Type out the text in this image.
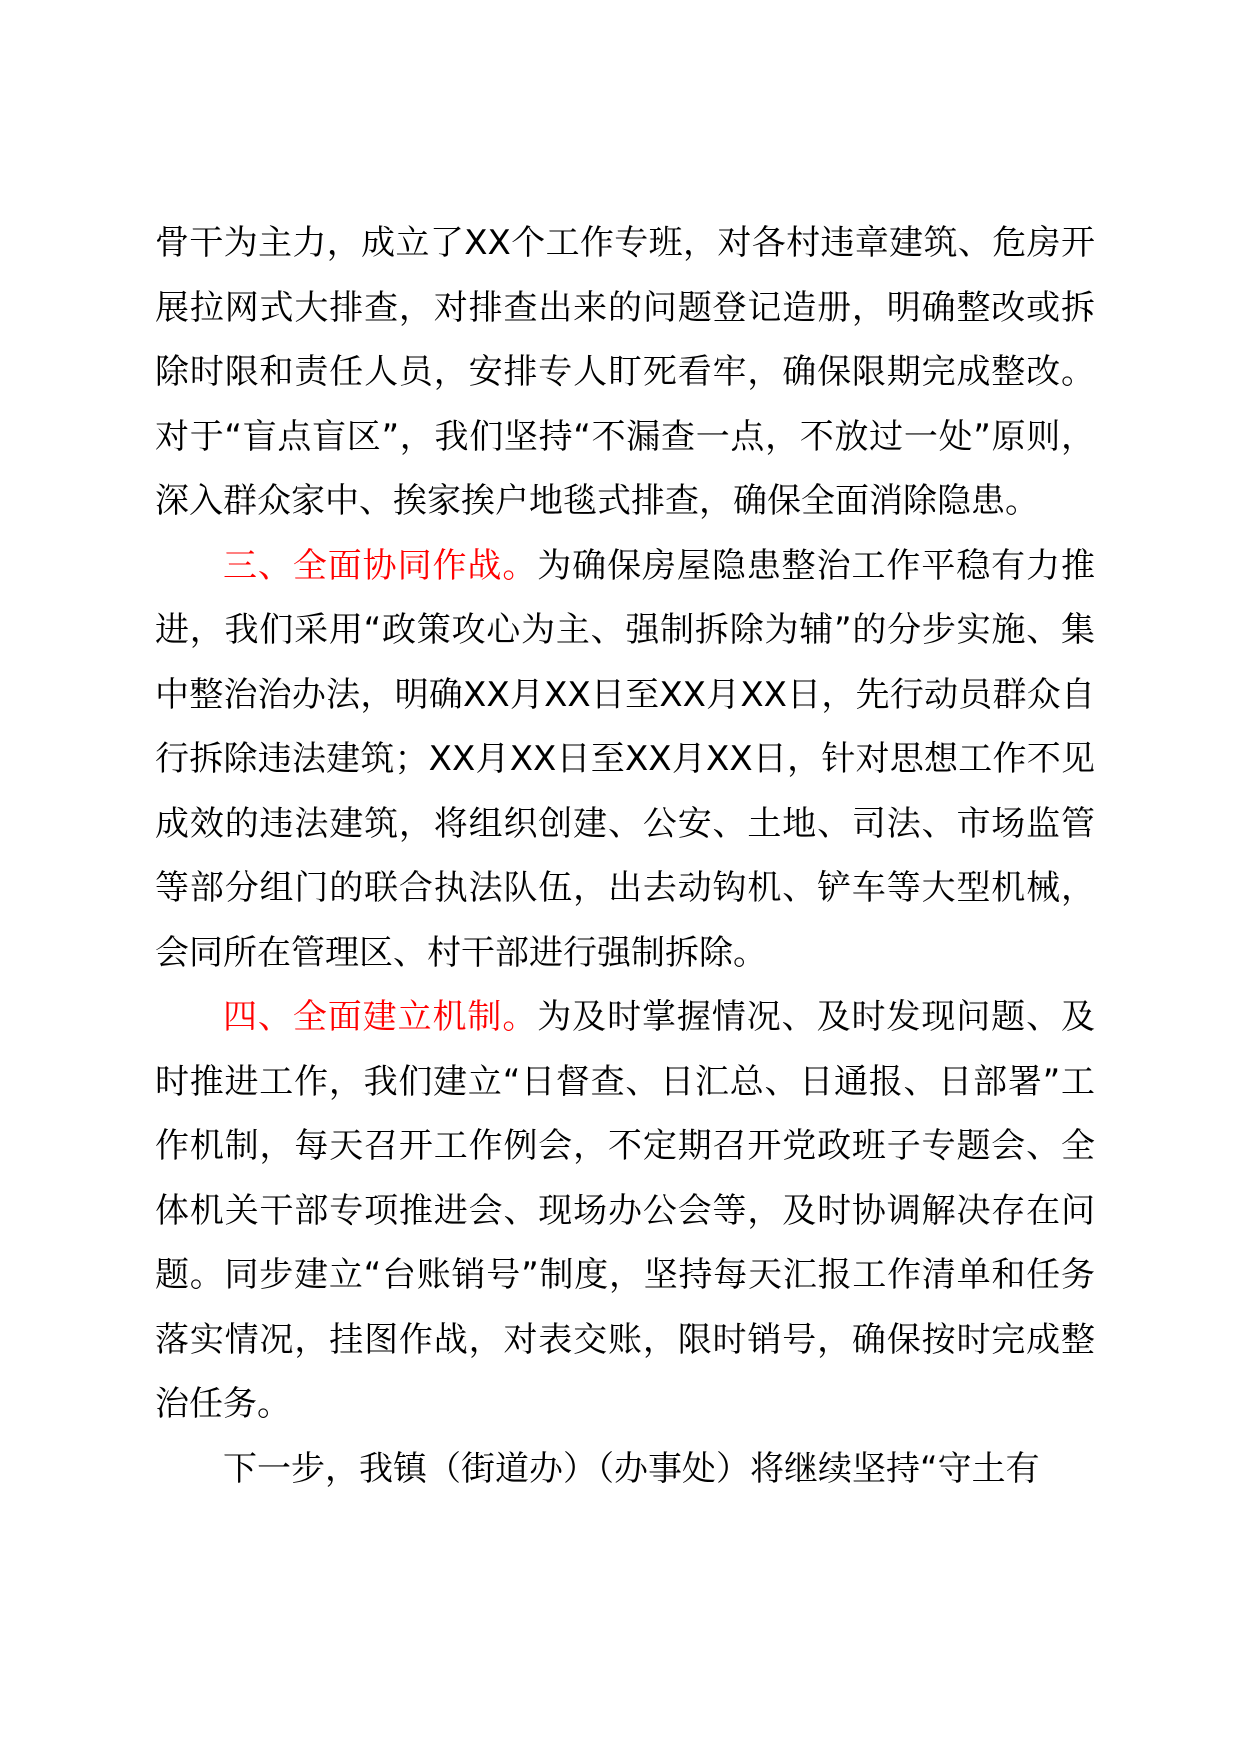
骨干为主力，成立了XX个工作专班，对各村违章建筑、危房开展拉网式大排查，对排查出来的问题登记造册，明确整改或拆除时限和责任人员，安排专人盯死看牢，确保限期完成整改。对于“盲点盲区”，我们坚持“不漏查一点，不放过一处”原则，深入群众家中、挨家挨户地毯式排查，确保全面消除隐患。

三、全面协同作战。为确保房屋隐患整治工作平稳有力推进，我们采用“政策攻心为主、强制拆除为辅”的分步实施、集中整治治办法，明确XX月XX日至XX月XX日，先行动员群众自行拆除违法建筑；XX月XX日至XX月XX日，针对思想工作不见成效的违法建筑，将组织创建、公安、土地、司法、市场监管等部分组门的联合执法队伍，出去动钩机、铲车等大型机械，会同所在管理区、村干部进行强制拆除。

四、全面建立机制。为及时掌握情况、及时发现问题、及时推进工作，我们建立“日督查、日汇总、日通报、日部署”工作机制，每天召开工作例会，不定期召开党政班子专题会、全体机关干部专项推进会、现场办公会等，及时协调解决存在问题。同步建立“台账销号”制度，坚持每天汇报工作清单和任务落实情况，挂图作战，对表交账，限时销号，确保按时完成整治任务。

下一步，我镇（街道办）（办事处）将继续坚持“守土有
